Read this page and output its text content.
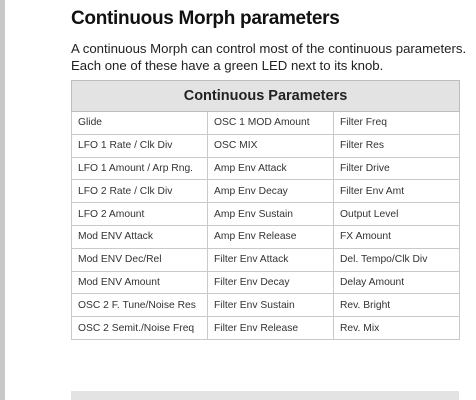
Continuous Morph parameters
A continuous Morph can control most of the continuous parameters.
Each one of these have a green LED next to its knob.
Continuous Parameters		
Glide	OSC 1 MOD Amount	Filter Freq
LFO 1 Rate / Clk Div	OSC MIX	Filter Res
LFO 1 Amount / Arp Rng.	Amp Env Attack	Filter Drive
LFO 2 Rate / Clk Div	Amp Env Decay	Filter Env Amt
LFO 2 Amount	Amp Env Sustain	Output Level
Mod ENV Attack	Amp Env Release	FX Amount
Mod ENV Dec/Rel	Filter Env Attack	Del. Tempo/Clk Div
Mod ENV Amount	Filter Env Decay	Delay Amount
OSC 2 F. Tune/Noise Res	Filter Env Sustain	Rev. Bright
OSC 2 Semit./Noise Freq	Filter Env Release	Rev. Mix
